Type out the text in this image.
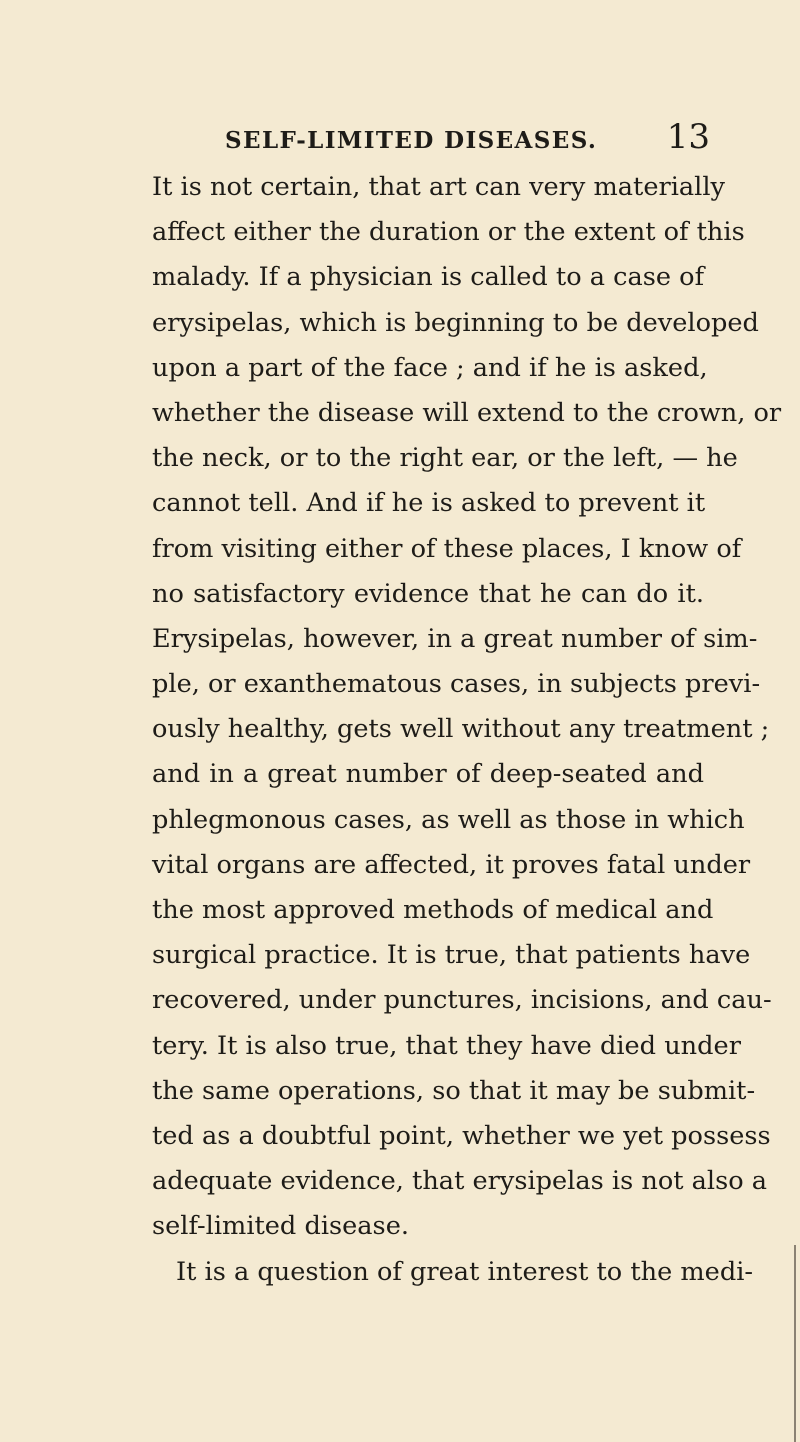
SELF-LIMITED DISEASES. 13
It is not certain, that art can very materially
affect either the duration or the extent of this
malady. If a physician is called to a case of
erysipelas, which is beginning to be developed
upon a part of the face ; and if he is asked,
whether the disease will extend to the crown, or
the neck, or to the right ear, or the left, — he
cannot tell. And if he is asked to prevent it
from visiting either of these places, I know of
no satisfactory evidence that he can do it.
Erysipelas, however, in a great number of sim-
ple, or exanthematous cases, in subjects previ-
ously healthy, gets well without any treatment ;
and in a great number of deep-seated and
phlegmonous cases, as well as those in which
vital organs are affected, it proves fatal under
the most approved methods of medical and
surgical practice. It is true, that patients have
recovered, under punctures, incisions, and cau-
tery. It is also true, that they have died under
the same operations, so that it may be submit-
ted as a doubtful point, whether we yet possess
adequate evidence, that erysipelas is not also a
self-limited disease.
It is a question of great interest to the medi-
